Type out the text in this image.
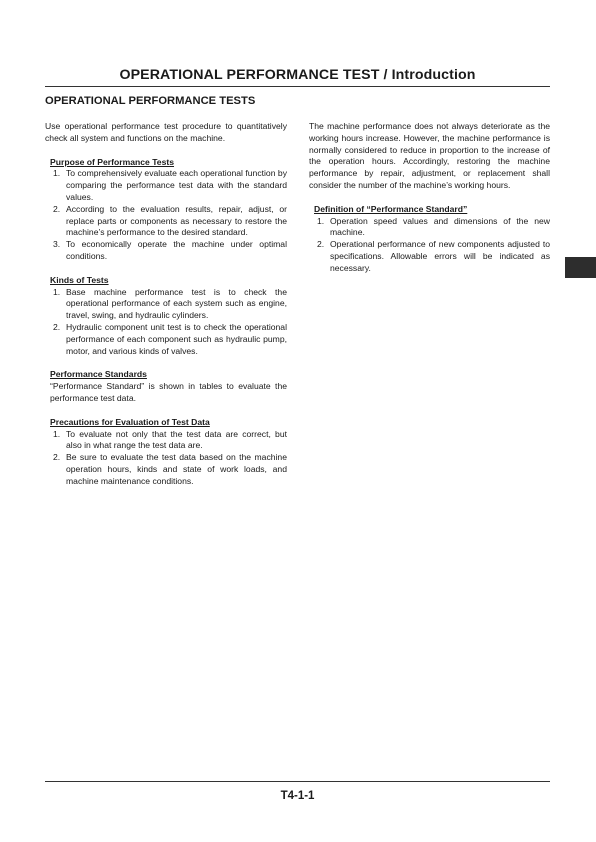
OPERATIONAL PERFORMANCE TEST / Introduction
OPERATIONAL PERFORMANCE TESTS

Use operational performance test procedure to quantitatively check all system and functions on the machine.

Purpose of Performance Tests
1. To comprehensively evaluate each operational function by comparing the performance test data with the standard values.
2. According to the evaluation results, repair, adjust, or replace parts or components as necessary to restore the machine’s performance to the desired standard.
3. To economically operate the machine under optimal conditions.
Kinds of Tests
1. Base machine performance test is to check the operational performance of each system such as engine, travel, swing, and hydraulic cylinders.
2. Hydraulic component unit test is to check the operational performance of each component such as hydraulic pump, motor, and various kinds of valves.
Performance Standards

“Performance Standard” is shown in tables to evaluate the performance test data.

Precautions for Evaluation of Test Data
1. To evaluate not only that the test data are correct, but also in what range the test data are.
2. Be sure to evaluate the test data based on the machine operation hours, kinds and state of work loads, and machine maintenance conditions.

The machine performance does not always deteriorate as the working hours increase. However, the machine performance is normally considered to reduce in proportion to the increase of the operation hours. Accordingly, restoring the machine performance by repair, adjustment, or replacement shall consider the number of the machine’s working hours.

Definition of “Performance Standard”
1. Operation speed values and dimensions of the new machine.
2. Operational performance of new components adjusted to specifications. Allowable errors will be indicated as necessary.
T4-1-1
